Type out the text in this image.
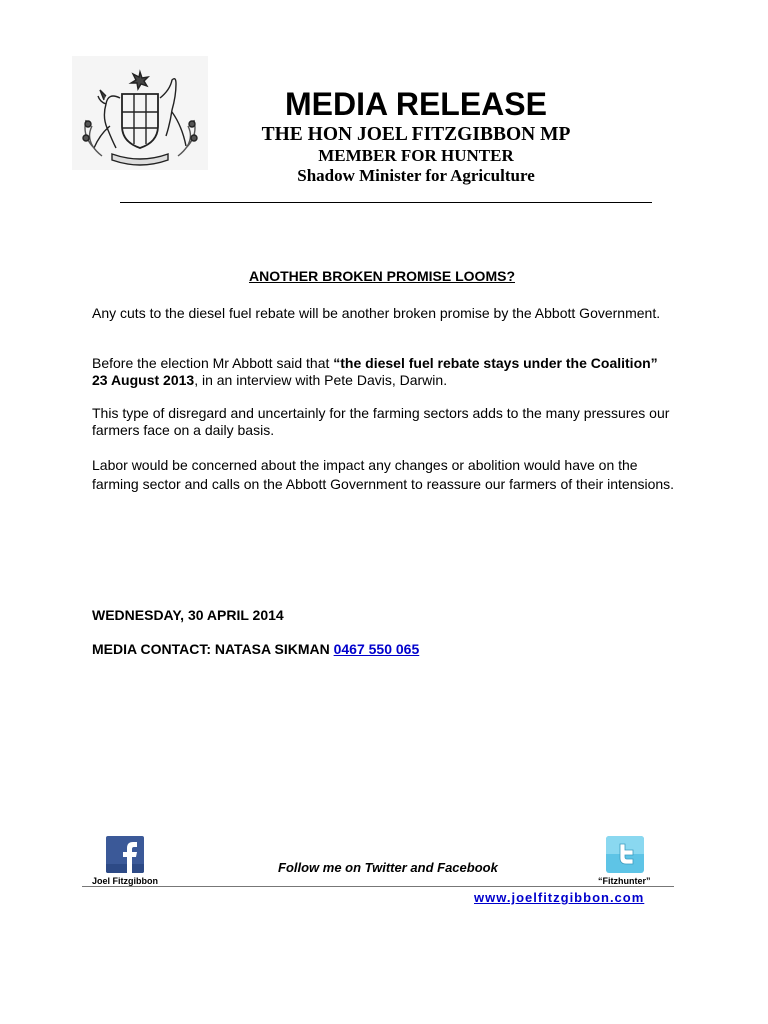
MEDIA RELEASE
THE HON JOEL FITZGIBBON MP
MEMBER FOR HUNTER
Shadow Minister for Agriculture
ANOTHER BROKEN PROMISE LOOMS?
Any cuts to the diesel fuel rebate will be another broken promise by the Abbott Government.
Before the election Mr Abbott said that “the diesel fuel rebate stays under the Coalition” 23 August 2013, in an interview with Pete Davis, Darwin.
This type of disregard and uncertainly for the farming sectors adds to the many pressures our farmers face on a daily basis.
Labor would be concerned about the impact any changes or abolition would have on the farming sector and calls on the Abbott Government to reassure our farmers of their intensions.
WEDNESDAY, 30 APRIL 2014
MEDIA CONTACT: NATASA SIKMAN 0467 550 065
Joel Fitzgibbon
Follow me on Twitter and Facebook
“Fitzhunter”
www.joelfitzgibbon.com
